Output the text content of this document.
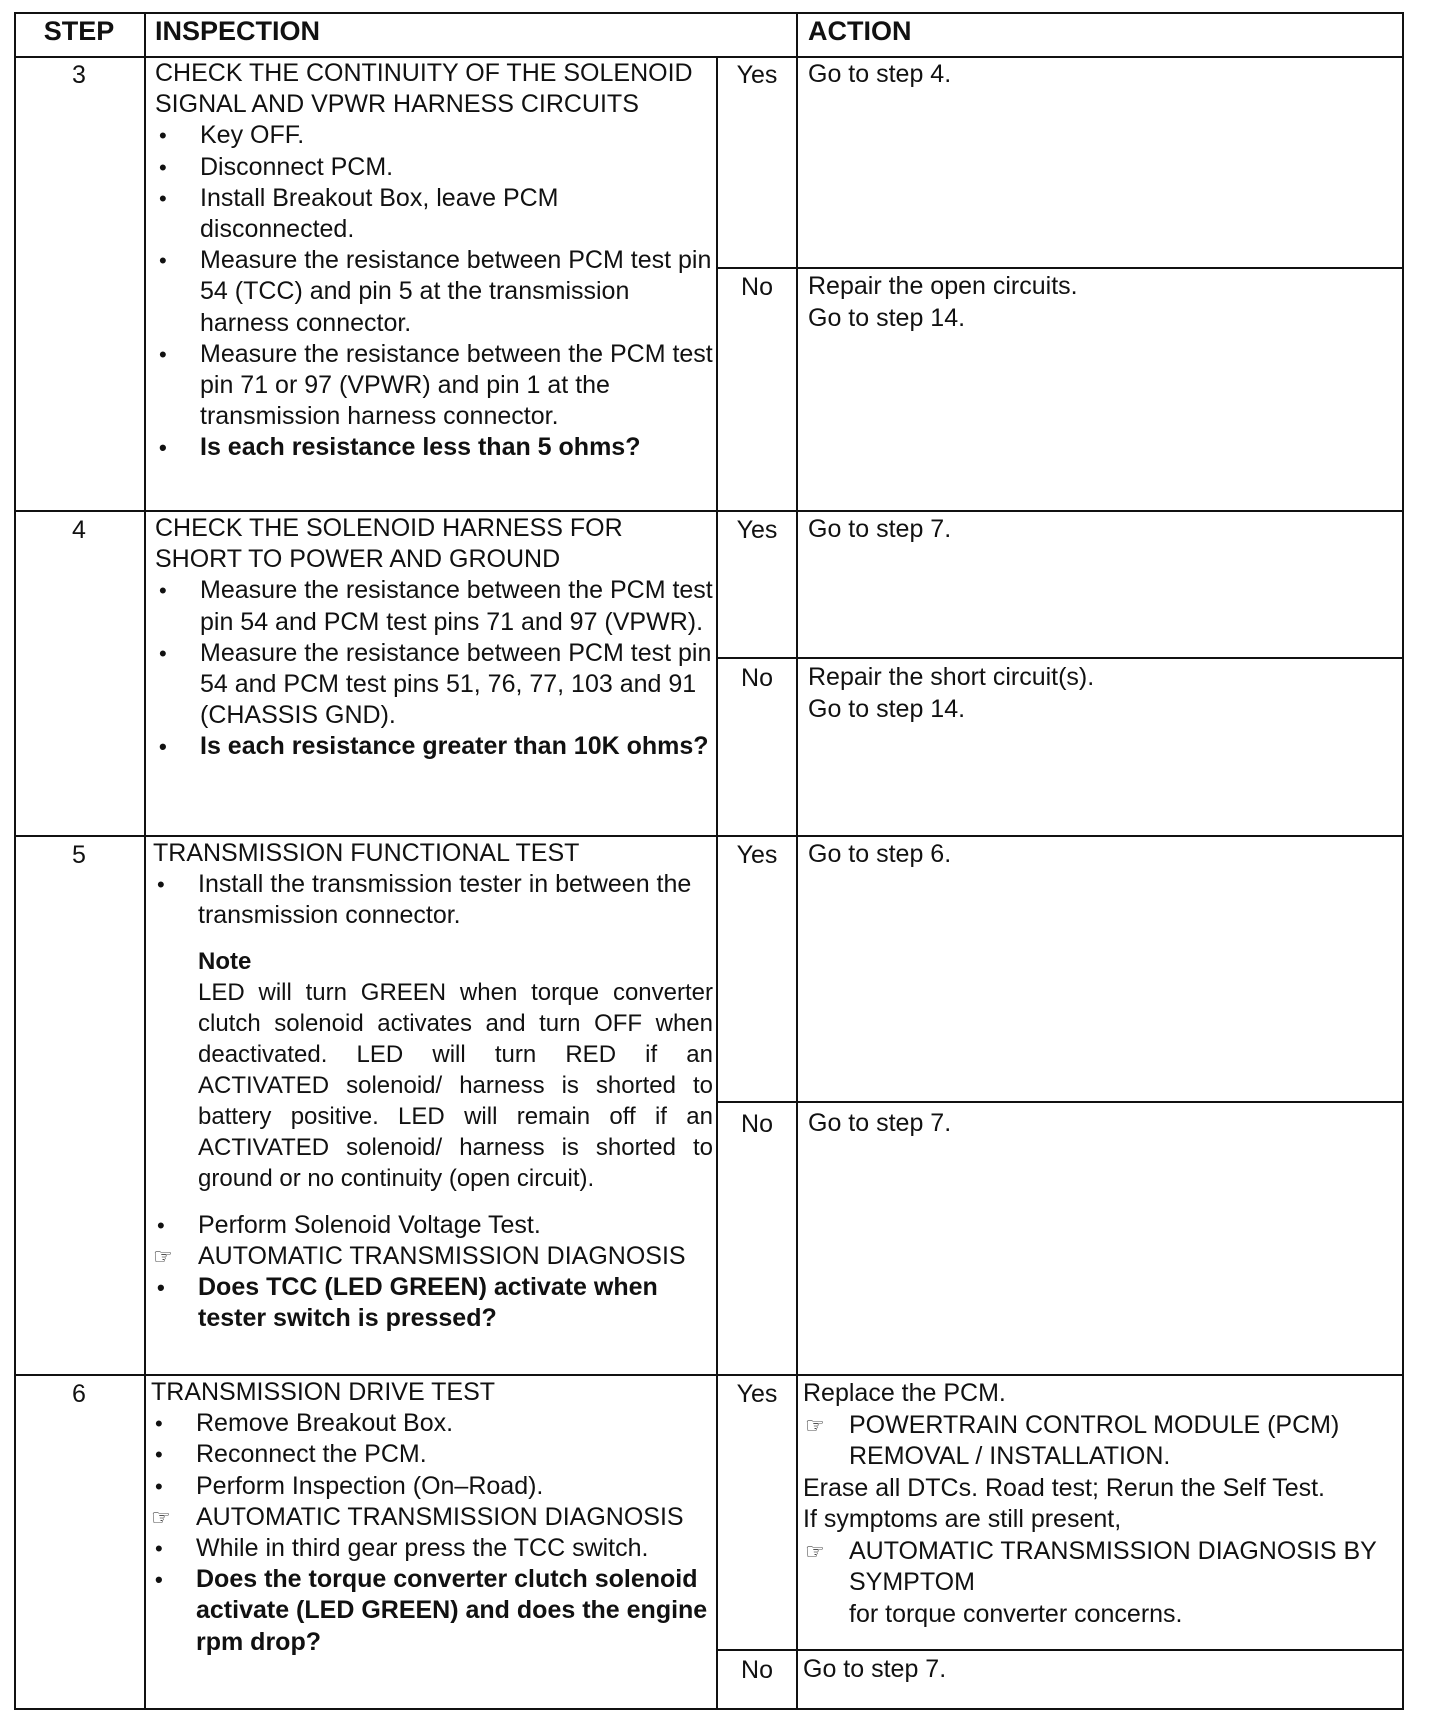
STEP	INSPECTION	ACTION
3	CHECK THE CONTINUITY OF THE SOLENOID SIGNAL AND VPWR HARNESS CIRCUITS
• Key OFF.
• Disconnect PCM.
• Install Breakout Box, leave PCM disconnected.
• Measure the resistance between PCM test pin 54 (TCC) and pin 5 at the transmission harness connector.
• Measure the resistance between the PCM test pin 71 or 97 (VPWR) and pin 1 at the transmission harness connector.
• Is each resistance less than 5 ohms?
Yes	Go to step 4.
No	Repair the open circuits.
Go to step 14.
4	CHECK THE SOLENOID HARNESS FOR SHORT TO POWER AND GROUND
• Measure the resistance between the PCM test pin 54 and PCM test pins 71 and 97 (VPWR).
• Measure the resistance between PCM test pin 54 and PCM test pins 51, 76, 77, 103 and 91 (CHASSIS GND).
• Is each resistance greater than 10K ohms?
Yes	Go to step 7.
No	Repair the short circuit(s).
Go to step 14.
5	TRANSMISSION FUNCTIONAL TEST
• Install the transmission tester in between the transmission connector.
Note
LED will turn GREEN when torque converter clutch solenoid activates and turn OFF when deactivated. LED will turn RED if an ACTIVATED solenoid/ harness is shorted to battery positive. LED will remain off if an ACTIVATED solenoid/ harness is shorted to ground or no continuity (open circuit).
• Perform Solenoid Voltage Test.
☞ AUTOMATIC TRANSMISSION DIAGNOSIS
• Does TCC (LED GREEN) activate when tester switch is pressed?
Yes	Go to step 6.
No	Go to step 7.
6	TRANSMISSION DRIVE TEST
• Remove Breakout Box.
• Reconnect the PCM.
• Perform Inspection (On–Road).
☞ AUTOMATIC TRANSMISSION DIAGNOSIS
• While in third gear press the TCC switch.
• Does the torque converter clutch solenoid activate (LED GREEN) and does the engine rpm drop?
Yes	Replace the PCM.
☞ POWERTRAIN CONTROL MODULE (PCM) REMOVAL / INSTALLATION.
Erase all DTCs. Road test; Rerun the Self Test.
If symptoms are still present,
☞ AUTOMATIC TRANSMISSION DIAGNOSIS BY SYMPTOM
for torque converter concerns.
No	Go to step 7.
